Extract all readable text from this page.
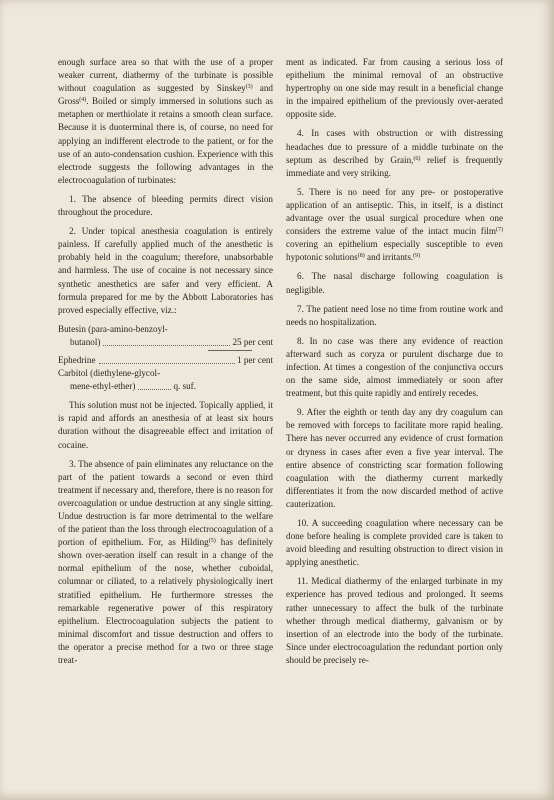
enough surface area so that with the use of a proper weaker current, diathermy of the turbinate is possible without coagulation as suggested by Sinskey$^{(3)}$ and Gross$^{(4)}$. Boiled or simply immersed in solutions such as metaphen or merthiolate it retains a smooth clean surface. Because it is duoterminal there is, of course, no need for applying an indifferent electrode to the patient, or for the use of an auto-condensation cushion. Experience with this electrode suggests the following advantages in the electrocoagulation of turbinates:

1. The absence of bleeding permits direct vision throughout the procedure.

2. Under topical anesthesia coagulation is entirely painless. If carefully applied much of the anesthetic is probably held in the coagulum; therefore, unabsorbable and harmless. The use of cocaine is not necessary since synthetic anesthetics are safer and very efficient. A formula prepared for me by the Abbott Laboratories has proved especially effective, viz.:

Butesin (para-amino-benzoyl-
butanol)	25 per cent
Ephedrine	1 per cent
Carbitol (diethylene-glycol-
mene-ethyl-ether)	q. suf.

This solution must not be injected. Topically applied, it is rapid and affords an anesthesia of at least six hours duration without the disagreeable effect and irritation of cocaine.

3. The absence of pain eliminates any reluctance on the part of the patient towards a second or even third treatment if necessary and, therefore, there is no reason for overcoagulation or undue destruction at any single sitting. Undue destruction is far more detrimental to the welfare of the patient than the loss through electrocoagulation of a portion of epithelium. For, as Hilding$^{(5)}$ has definitely shown over-aeration itself can result in a change of the normal epithelium of the nose, whether cuboidal, columnar or ciliated, to a relatively physiologically inert stratified epithelium. He furthermore stresses the remarkable regenerative power of this respiratory epithelium. Electrocoagulation subjects the patient to minimal discomfort and tissue destruction and offers to the operator a precise method for a two or three stage treat-

ment as indicated. Far from causing a serious loss of epithelium the minimal removal of an obstructive hypertrophy on one side may result in a beneficial change in the impaired epithelium of the previously over-aerated opposite side.

4. In cases with obstruction or with distressing headaches due to pressure of a middle turbinate on the septum as described by Grain,$^{(6)}$ relief is frequently immediate and very striking.

5. There is no need for any pre- or postoperative application of an antiseptic. This, in itself, is a distinct advantage over the usual surgical procedure when one considers the extreme value of the intact mucin film$^{(7)}$ covering an epithelium especially susceptible to even hypotonic solutions$^{(8)}$ and irritants.$^{(9)}$

6. The nasal discharge following coagulation is negligible.

7. The patient need lose no time from routine work and needs no hospitalization.

8. In no case was there any evidence of reaction afterward such as coryza or purulent discharge due to infection. At times a congestion of the conjunctiva occurs on the same side, almost immediately or soon after treatment, but this quite rapidly and entirely recedes.

9. After the eighth or tenth day any dry coagulum can be removed with forceps to facilitate more rapid healing. There has never occurred any evidence of crust formation or dryness in cases after even a five year interval. The entire absence of constricting scar formation following coagulation with the diathermy current markedly differentiates it from the now discarded method of active cauterization.

10. A succeeding coagulation where necessary can be done before healing is complete provided care is taken to avoid bleeding and resulting obstruction to direct vision in applying anesthetic.

11. Medical diathermy of the enlarged turbinate in my experience has proved tedious and prolonged. It seems rather unnecessary to affect the bulk of the turbinate whether through medical diathermy, galvanism or by insertion of an electrode into the body of the turbinate. Since under electrocoagulation the redundant portion only should be precisely re-
